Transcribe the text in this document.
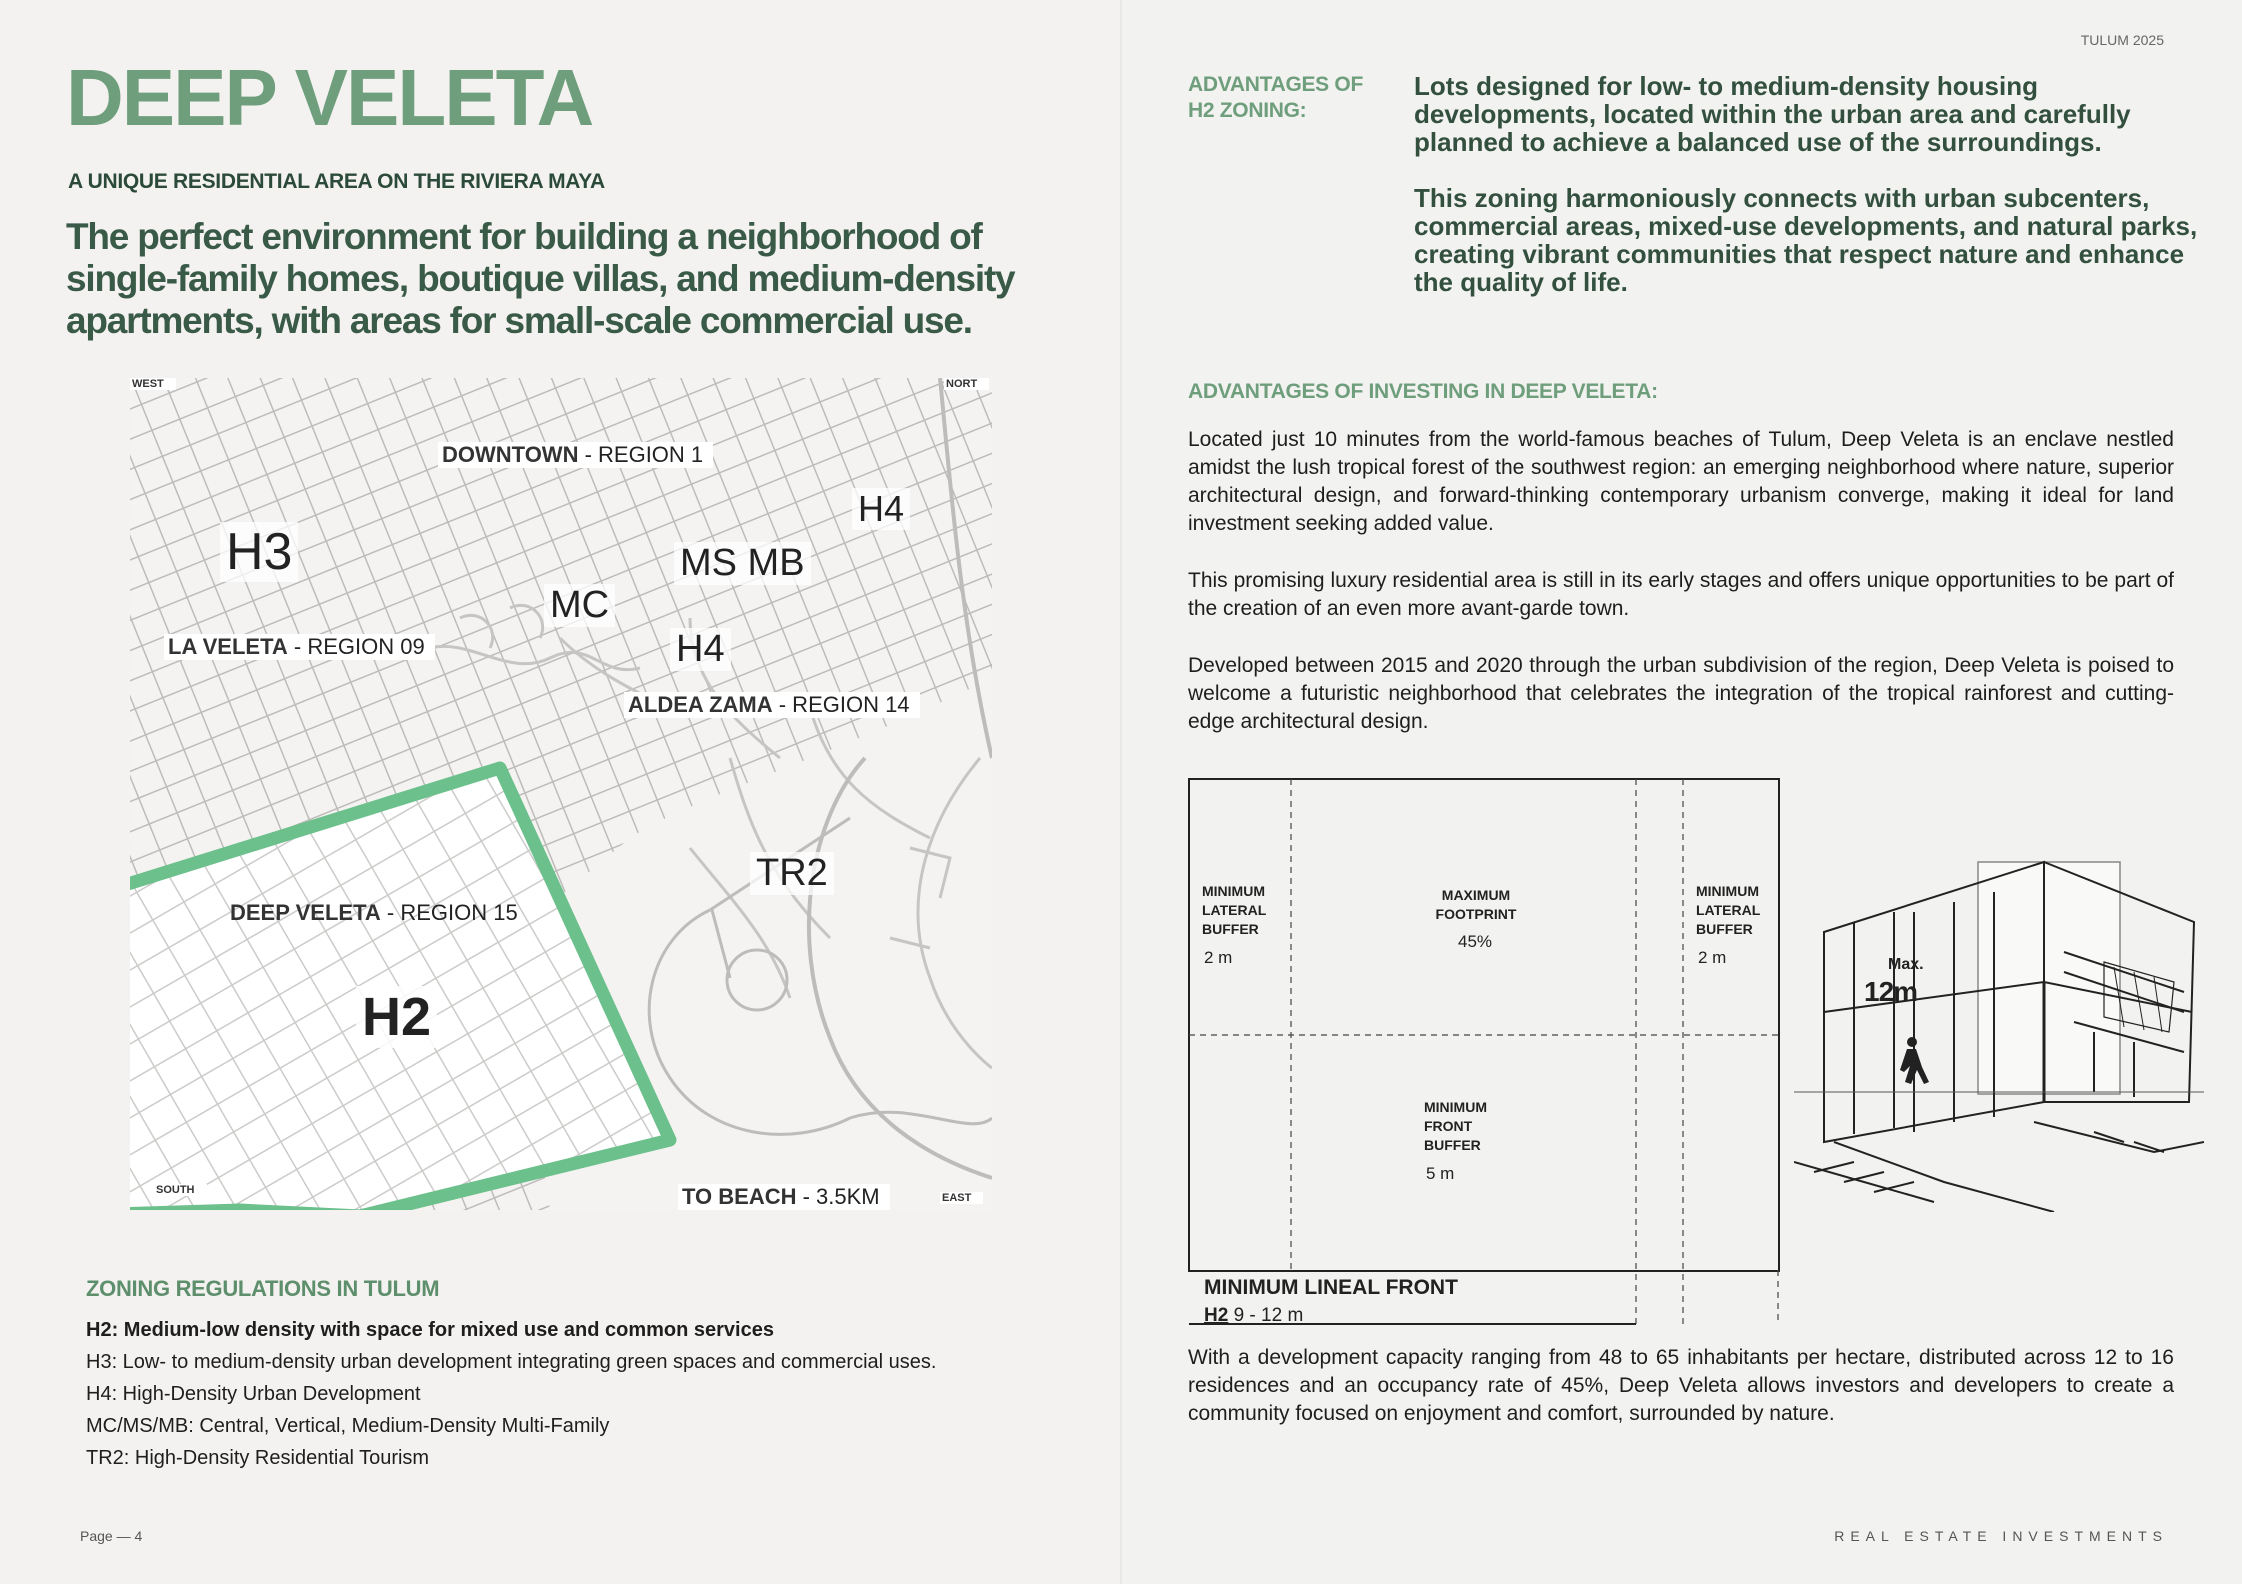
DEEP VELETA
A UNIQUE RESIDENTIAL AREA ON THE RIVIERA MAYA
The perfect environment for building a neighborhood of single-family homes, boutique villas, and medium-density apartments, with areas for small-scale commercial use.
WEST	NORT
SOUTH
EAST
DOWNTOWN - REGION 1
LA VELETA - REGION 09
ALDEA ZAMA - REGION 14
DEEP VELETA - REGION 15
TO BEACH - 3.5KM
H3
MC
MS MB
H4
H4
TR2
H2
ZONING REGULATIONS IN TULUM
H2: Medium-low density with space for mixed use and common services
H3: Low- to medium-density urban development integrating green spaces and commercial uses.
H4: High-Density Urban Development
MC/MS/MB: Central, Vertical, Medium-Density Multi-Family
TR2: High-Density Residential Tourism
Page — 4
TULUM 2025
ADVANTAGES OF H2 ZONING:

Lots designed for low- to medium-density housing developments, located within the urban area and carefully planned to achieve a balanced use of the surroundings.

This zoning harmoniously connects with urban subcenters, commercial areas, mixed-use developments, and natural parks, creating vibrant communities that respect nature and enhance the quality of life.

ADVANTAGES OF INVESTING IN DEEP VELETA:

Located just 10 minutes from the world-famous beaches of Tulum, Deep Veleta is an enclave nestled amidst the lush tropical forest of the southwest region: an emerging neighborhood where nature, superior architectural design, and forward-thinking contemporary urbanism converge, making it ideal for land investment seeking added value.

This promising luxury residential area is still in its early stages and offers unique opportunities to be part of the creation of an even more avant-garde town.

Developed between 2015 and 2020 through the urban subdivision of the region, Deep Veleta is poised to welcome a futuristic neighborhood that celebrates the integration of the tropical rainforest and cutting-edge architectural design.

MINIMUM LATERAL BUFFER
2 m
MAXIMUM FOOTPRINT
45%
MINIMUM LATERAL BUFFER
2 m
MINIMUM FRONT BUFFER
5 m
MINIMUM LINEAL FRONT
H2 9 - 12 m
Max.
12m
With a development capacity ranging from 48 to 65 inhabitants per hectare, distributed across 12 to 16 residences and an occupancy rate of 45%, Deep Veleta allows investors and developers to create a community focused on enjoyment and comfort, surrounded by nature.
REAL ESTATE INVESTMENTS
